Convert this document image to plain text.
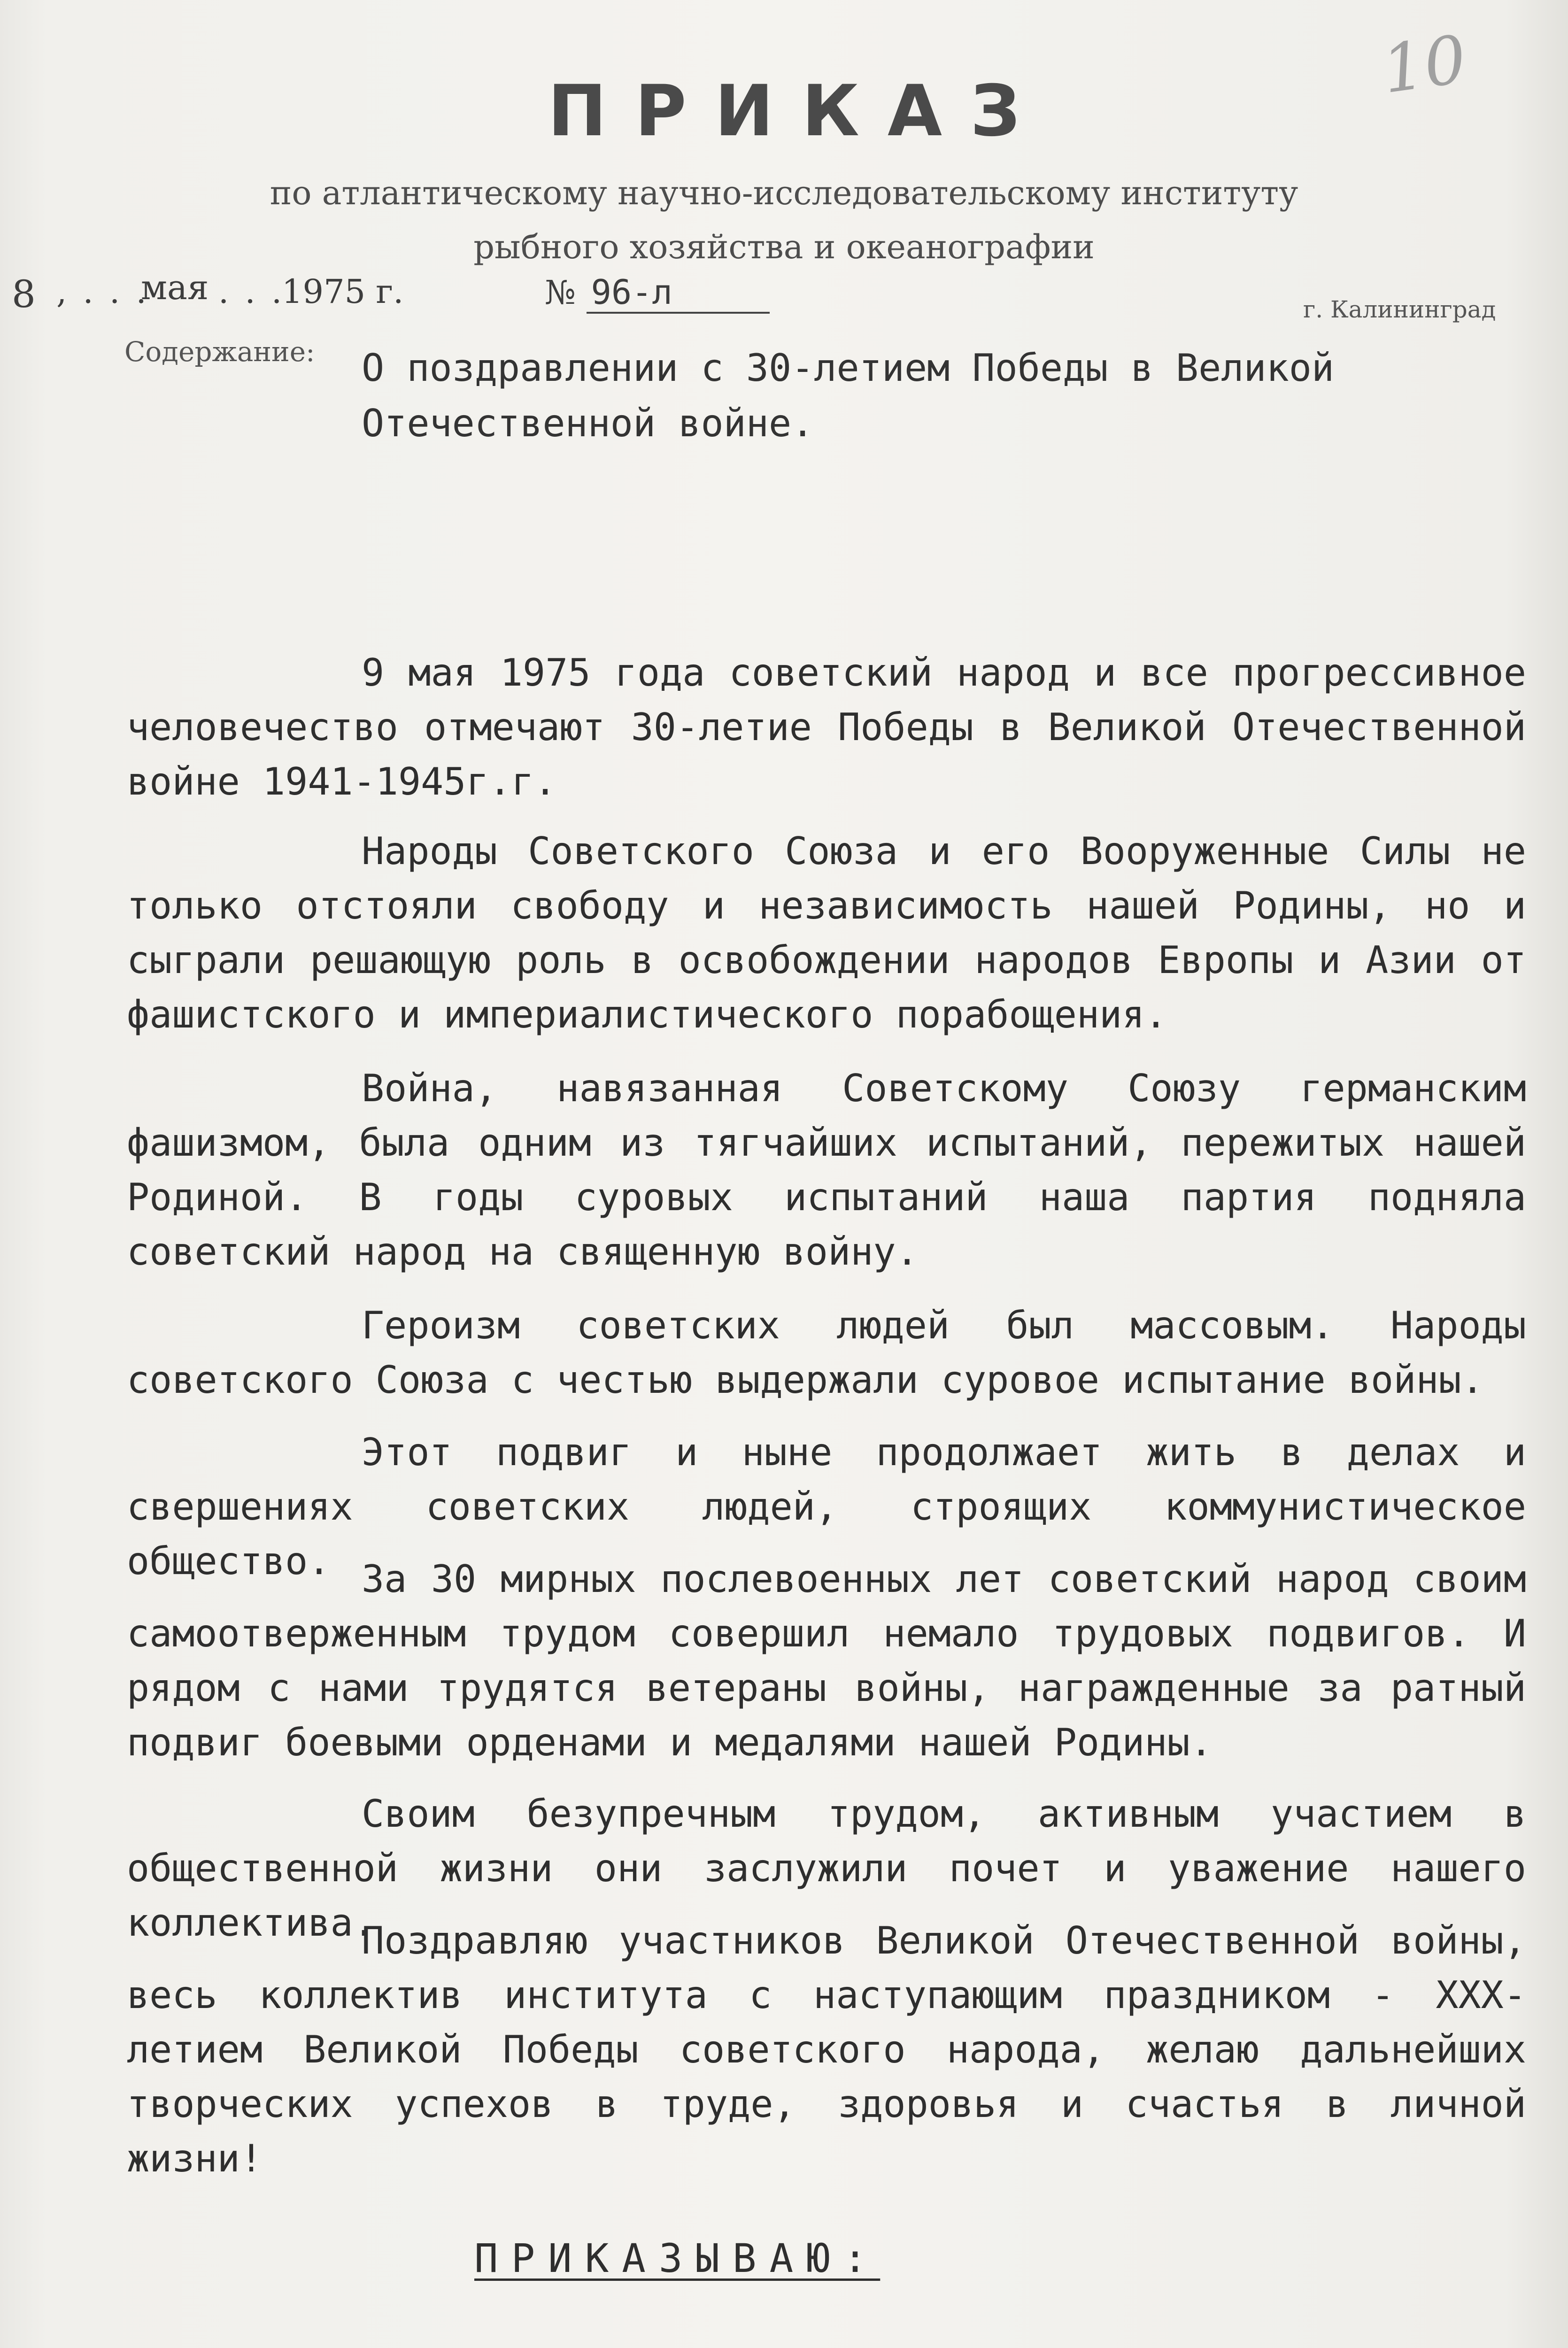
10
ПРИКАЗ
по атлантическому научно-исследовательскому институту
рыбного хозяйства и океанографии
8 , . . .
мая . . .
1975 г.	№ 96-л	г. Калининград
Содержание: О поздравлении с 30-летием Победы в Великой Отечественной войне.

9 мая 1975 года советский народ и все прогрессивное человечество отмечают 30-летие Победы в Великой Отечественной войне 1941-1945г.г.

Народы Советского Союза и его Вооруженные Силы не только отстояли свободу и независимость нашей Родины, но и сыграли решающую роль в освобождении народов Европы и Азии от фашистского и империалистического порабощения.

Война, навязанная Советскому Союзу германским фашизмом, была одним из тягчайших испытаний, пережитых нашей Родиной. В годы суровых испытаний наша партия подняла советский народ на священную войну.

Героизм советских людей был массовым. Народы советского Союза с честью выдержали суровое испытание войны.

Этот подвиг и ныне продолжает жить в делах и свершениях советских людей, строящих коммунистическое общество. За 30 мирных послевоенных лет советский народ своим самоотверженным трудом совершил немало трудовых подвигов. И рядом с нами трудятся ветераны войны, награжденные за ратный подвиг боевыми орденами и медалями нашей Родины.

Своим безупречным трудом, активным участием в общественной жизни они заслужили почет и уважение нашего коллектива.

Поздравляю участников Великой Отечественной войны, весь коллектив института с наступающим праздником - XXX-летием Великой Победы советского народа, желаю дальнейших творческих успехов в труде, здоровья и счастья в личной жизни!

ПРИКАЗЫВАЮ:
